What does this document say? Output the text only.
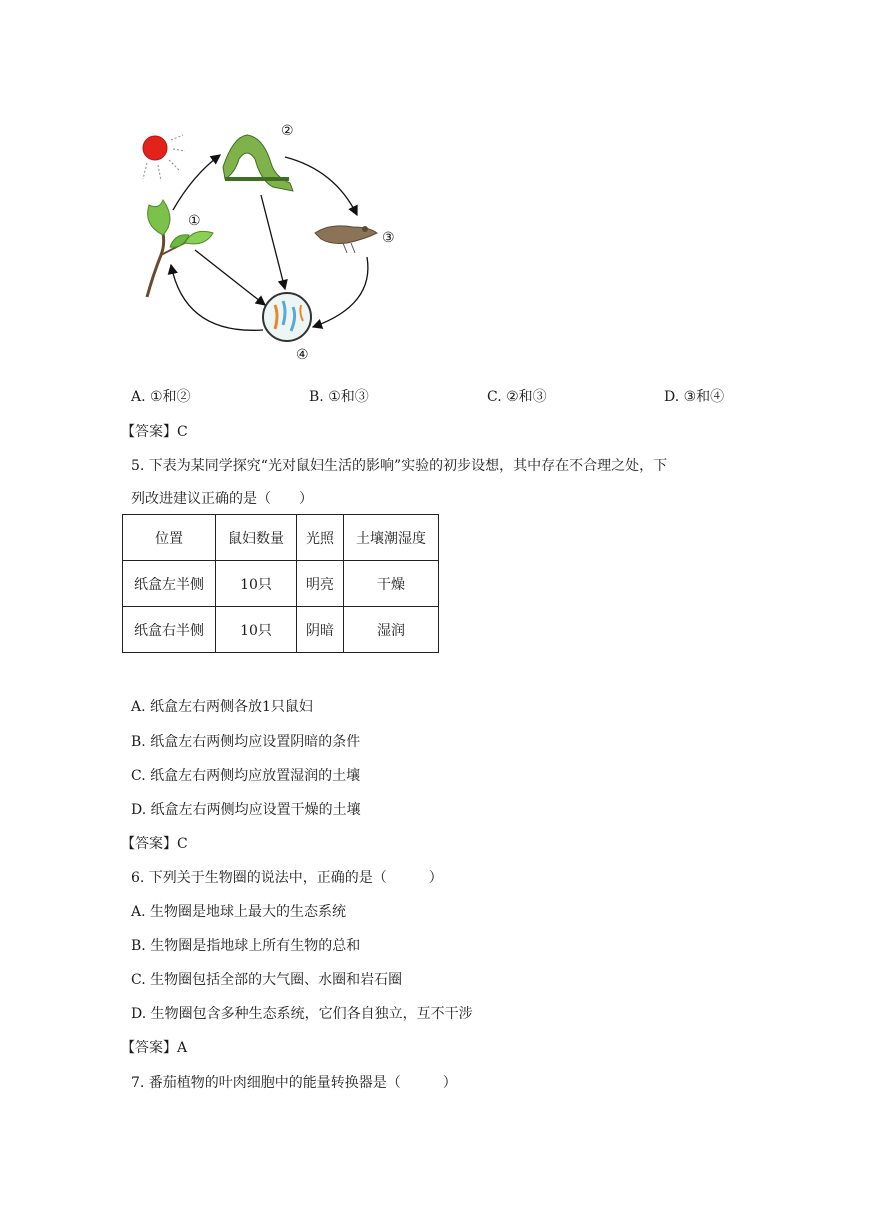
①
②
③
④
A. ①和②	B. ①和③	C. ②和③	D. ③和④
【答案】C
5. 下表为某同学探究“光对鼠妇生活的影响”实验的初步设想，其中存在不合理之处，下
列改进建议正确的是（　　）
位置	鼠妇数量	光照	土壤潮湿度
纸盒左半侧	10只	明亮	干燥
纸盒右半侧	10只	阴暗	湿润
A. 纸盒左右两侧各放1只鼠妇
B. 纸盒左右两侧均应设置阴暗的条件
C. 纸盒左右两侧均应放置湿润的土壤
D. 纸盒左右两侧均应设置干燥的土壤
【答案】C
6. 下列关于生物圈的说法中，正确的是（　　　）
A. 生物圈是地球上最大的生态系统
B. 生物圈是指地球上所有生物的总和
C. 生物圈包括全部的大气圈、水圈和岩石圈
D. 生物圈包含多种生态系统，它们各自独立，互不干涉
【答案】A
7. 番茄植物的叶肉细胞中的能量转换器是（　　　）
